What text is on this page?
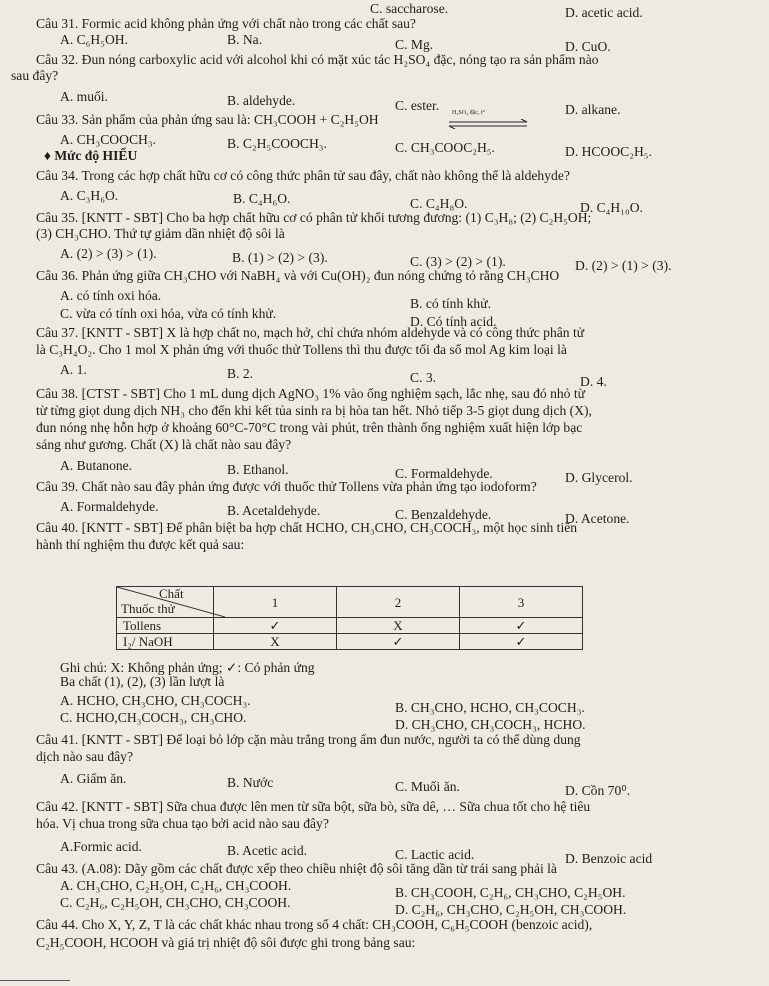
C. saccharose.	D. acetic acid.
Câu 31. Formic acid không phản ứng với chất nào trong các chất sau?
A. C₆H₅OH.	B. Na.	C. Mg.	D. CuO.
Câu 32. Đun nóng carboxylic acid với alcohol khi có mặt xúc tác H₂SO₄ đặc, nóng tạo ra sản phẩm nào
sau đây?
A. muối.	B. aldehyde.	C. ester.	D. alkane.
Câu 33. Sản phẩm của phản ứng sau là: CH₃COOH + C₂H₅OH
A. CH₃COOCH₃.	B. C₂H₅COOCH₃.	C. CH₃COOC₂H₅.	D. HCOOC₂H₅.
♦ Mức độ HIỂU
Câu 34. Trong các hợp chất hữu cơ có công thức phân tử sau đây, chất nào không thể là aldehyde?
A. C₃H₆O.	B. C₄H₆O.	C. C₄H₈O.	D. C₄H₁₀O.
Câu 35. [KNTT - SBT] Cho ba hợp chất hữu cơ có phân tử khối tương đương: (1) C₃H₈; (2) C₂H₅OH;
(3) CH₃CHO. Thứ tự giảm dần nhiệt độ sôi là
A. (2) > (3) > (1).	B. (1) > (2) > (3).	C. (3) > (2) > (1).	D. (2) > (1) > (3).
Câu 36. Phản ứng giữa CH₃CHO với NaBH₄ và với Cu(OH)₂ đun nóng chứng tỏ rằng CH₃CHO
A. có tính oxi hóa.
B. có tính khử.
C. vừa có tính oxi hóa, vừa có tính khử.
D. Có tính acid.
Câu 37. [KNTT - SBT] X là hợp chất no, mạch hở, chỉ chứa nhóm aldehyde và có công thức phân tử
là C₃H₄O₂. Cho 1 mol X phản ứng với thuốc thử Tollens thì thu được tối đa số mol Ag kim loại là
A. 1.	B. 2.	C. 3.	D. 4.
Câu 38. [CTST - SBT] Cho 1 mL dung dịch AgNO₃ 1% vào ống nghiệm sạch, lắc nhẹ, sau đó nhỏ từ
từ từng giọt dung dịch NH₃ cho đến khi kết tủa sinh ra bị hòa tan hết. Nhỏ tiếp 3-5 giọt dung dịch (X),
đun nóng nhẹ hỗn hợp ở khoảng 60°C-70°C trong vài phút, trên thành ống nghiệm xuất hiện lớp bạc
sáng như gương. Chất (X) là chất nào sau đây?
A. Butanone.	B. Ethanol.	C. Formaldehyde.	D. Glycerol.
Câu 39. Chất nào sau đây phản ứng được với thuốc thử Tollens vừa phản ứng tạo iodoform?
A. Formaldehyde.	B. Acetaldehyde.	C. Benzaldehyde.	D. Acetone.
Câu 40. [KNTT - SBT] Để phân biệt ba hợp chất HCHO, CH₃CHO, CH₃COCH₃, một học sinh tiến
hành thí nghiệm thu được kết quả sau:
Ghi chú: X: Không phản ứng; ✓: Có phản ứng
Ba chất (1), (2), (3) lần lượt là
A. HCHO, CH₃CHO, CH₃COCH₃.	B. CH₃CHO, HCHO, CH₃COCH₃.
C. HCHO,CH₃COCH₃, CH₃CHO.	D. CH₃CHO, CH₃COCH₃, HCHO.
Câu 41. [KNTT - SBT] Để loại bỏ lớp cặn màu trắng trong ấm đun nước, người ta có thể dùng dung
dịch nào sau đây?
A. Giấm ăn.	B. Nước	C. Muối ăn.	D. Cồn 70⁰.
Câu 42. [KNTT - SBT] Sữa chua được lên men từ sữa bột, sữa bò, sữa dê, … Sữa chua tốt cho hệ tiêu
hóa. Vị chua trong sữa chua tạo bởi acid nào sau đây?
A.Formic acid.	B. Acetic acid.	C. Lactic acid.	D. Benzoic acid
Câu 43. (A.08): Dãy gồm các chất được xếp theo chiều nhiệt độ sôi tăng dần từ trái sang phải là
A. CH₃CHO, C₂H₅OH, C₂H₆, CH₃COOH.	B. CH₃COOH, C₂H₆, CH₃CHO, C₂H₅OH.
C. C₂H₆, C₂H₅OH, CH₃CHO, CH₃COOH.	D. C₂H₆, CH₃CHO, C₂H₅OH, CH₃COOH.
Câu 44. Cho X, Y, Z, T là các chất khác nhau trong số 4 chất: CH₃COOH, C₆H₅COOH (benzoic acid),
C₂H₅COOH, HCOOH và giá trị nhiệt độ sôi được ghi trong bảng sau:
H₂SO₄ đặc, t°
Chất
Thuốc thử	1	2	3
Tollens	✓	X	✓
I₂/ NaOH	X	✓	✓
